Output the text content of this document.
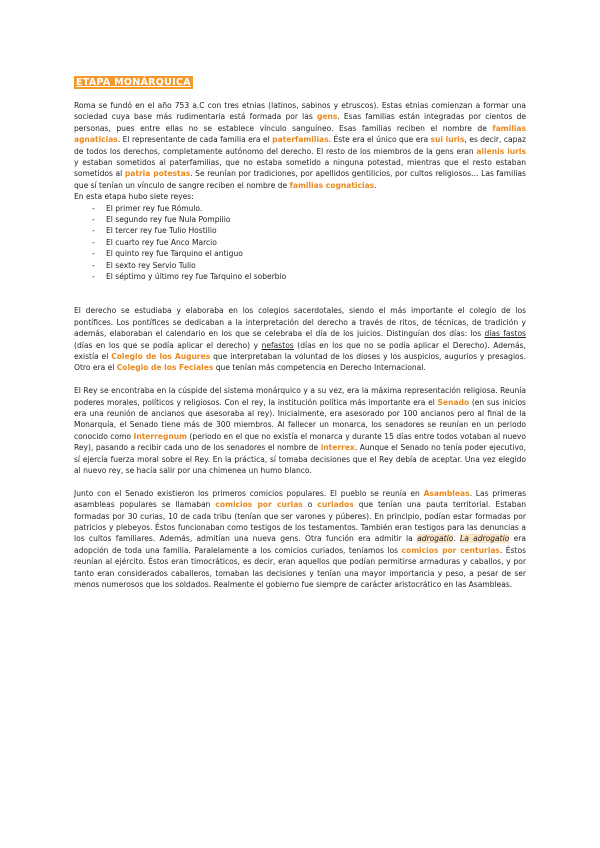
ETAPA MONÁRQUICA

Roma se fundó en el año 753 a.C con tres etnias (latinos, sabinos y etruscos). Estas etnias comienzan a formar una sociedad cuya base más rudimentaria está formada por las gens. Esas familias están integradas por cientos de personas, pues entre ellas no se establece vínculo sanguíneo. Esas familias reciben el nombre de familias agnaticias. El representante de cada familia era el paterfamilias. Éste era el único que era sui iuris, es decir, capaz de todos los derechos, completamente autónomo del derecho. El resto de los miembros de la gens eran alienis iuris y estaban sometidos al paterfamilias, que no estaba sometido a ninguna potestad, mientras que el resto estaban sometidos al patria potestas. Se reunían por tradiciones, por apellidos gentilicios, por cultos religiosos… Las familias que sí tenían un vínculo de sangre reciben el nombre de familias cognaticias.

En esta etapa hubo siete reyes:

- El primer rey fue Rómulo.
- El segundo rey fue Nula Pompilio
- El tercer rey fue Tulio Hostilio
- El cuarto rey fue Anco Marcio
- El quinto rey fue Tarquino el antiguo
- El sexto rey Servio Tulio
- El séptimo y último rey fue Tarquino el soberbio

El derecho se estudiaba y elaboraba en los colegios sacerdotales, siendo el más importante el colegio de los pontífices. Los pontífices se dedicaban a la interpretación del derecho a través de ritos, de técnicas, de tradición y además, elaboraban el calendario en los que se celebraba el día de los juicios. Distinguían dos días: los días fastos (días en los que se podía aplicar el derecho) y nefastos (días en los que no se podía aplicar el Derecho). Además, existía el Colegio de los Augures que interpretaban la voluntad de los dioses y los auspicios, augurios y presagios. Otro era el Colegio de los Feciales que tenían más competencia en Derecho Internacional.

El Rey se encontraba en la cúspide del sistema monárquico y a su vez, era la máxima representación religiosa. Reunía poderes morales, políticos y religiosos. Con el rey, la institución política más importante era el Senado (en sus inicios era una reunión de ancianos que asesoraba al rey). Inicialmente, era asesorado por 100 ancianos pero al final de la Monarquía, el Senado tiene más de 300 miembros. Al fallecer un monarca, los senadores se reunían en un periodo conocido como Interregnum (periodo en el que no existía el monarca y durante 15 días entre todos votaban al nuevo Rey), pasando a recibir cada uno de los senadores el nombre de interrex. Aunque el Senado no tenía poder ejecutivo, sí ejercía fuerza moral sobre el Rey. En la práctica, sí tomaba decisiones que el Rey debía de aceptar. Una vez elegido al nuevo rey, se hacía salir por una chimenea un humo blanco.

Junto con el Senado existieron los primeros comicios populares. El pueblo se reunía en Asambleas. Las primeras asambleas populares se llamaban comicios por curias o curiados que tenían una pauta territorial. Estaban formadas por 30 curias, 10 de cada tribu (tenían que ser varones y púberes). En principio, podían estar formadas por patricios y plebeyos. Éstos funcionaban como testigos de los testamentos. También eran testigos para las denuncias a los cultos familiares. Además, admitían una nueva gens. Otra función era admitir la adrogatio. La adrogatio era adopción de toda una familia. Paralelamente a los comicios curiados, teníamos los comicios por centurias. Éstos reunían al ejército. Éstos eran timocráticos, es decir, eran aquellos que podían permitirse armaduras y caballos, y por tanto eran considerados caballeros, tomaban las decisiones y tenían una mayor importancia y peso, a pesar de ser menos numerosos que los soldados. Realmente el gobierno fue siempre de carácter aristocrático en las Asambleas.
